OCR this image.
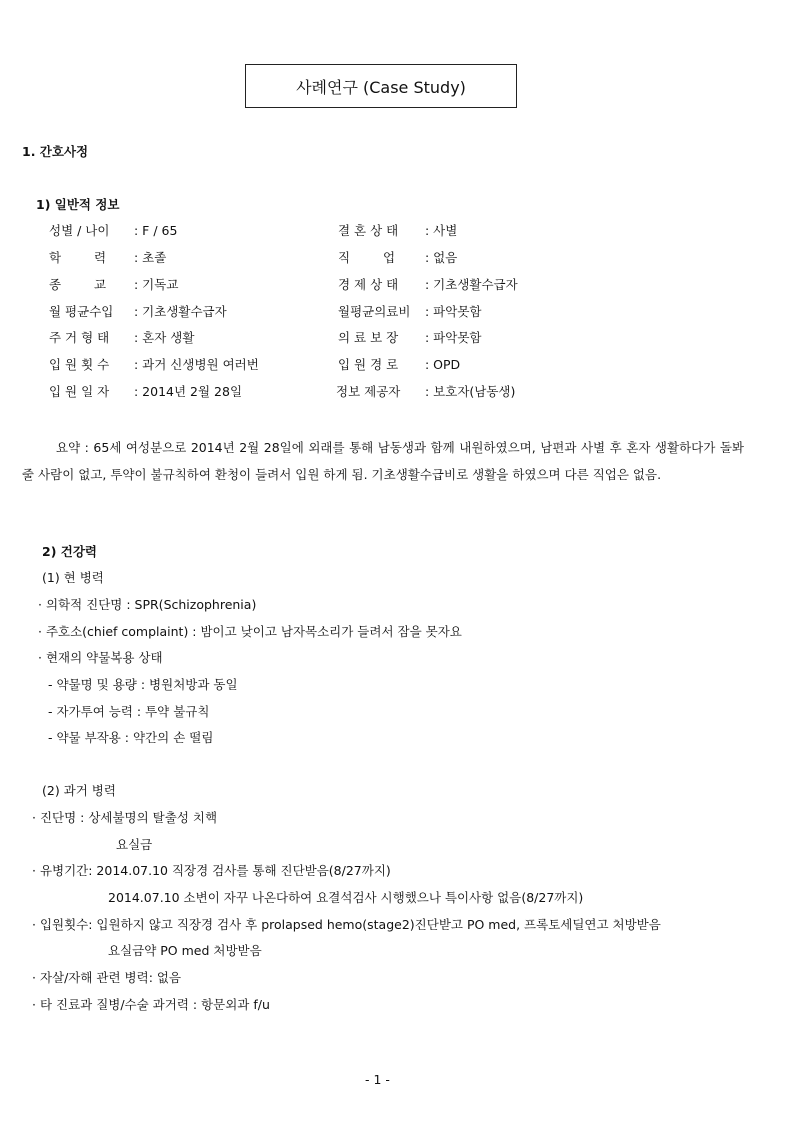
사례연구 (Case Study)
1. 간호사정
1) 일반적 정보
성별 / 나이 : F / 65	결 혼 상 태 : 사별
학 　　 력 : 초졸	직 　　 업 : 없음
종 　　 교 : 기독교	경 제 상 태 : 기초생활수급자
월 평균수입 : 기초생활수급자	월평균의료비 : 파악못함
주 거 형 태 : 혼자 생활	의 료 보 장 : 파악못함
입 원 횟 수 : 과거 신생병원 여러번	입 원 경 로 : OPD
입 원 일 자 : 2014년 2월 28일	정보 제공자 : 보호자(남동생)

요약 : 65세 여성분으로 2014년 2월 28일에 외래를 통해 남동생과 함께 내원하였으며, 남편과 사별 후 혼자 생활하다가 돌봐줄 사람이 없고, 투약이 불규칙하여 환청이 들려서 입원 하게 됨. 기초생활수급비로 생활을 하였으며 다른 직업은 없음.

2) 건강력
(1) 현 병력
· 의학적 진단명 : SPR(Schizophrenia)
· 주호소(chief complaint) : 밤이고 낮이고 남자목소리가 들려서 잠을 못자요
· 현재의 약물복용 상태
- 약물명 및 용량 : 병원처방과 동일
- 자가투여 능력 : 투약 불규칙
- 약물 부작용 : 약간의 손 떨림
(2) 과거 병력
· 진단명 : 상세불명의 탈출성 치핵
요실금
· 유병기간: 2014.07.10 직장경 검사를 통해 진단받음(8/27까지)
2014.07.10 소변이 자꾸 나온다하여 요결석검사 시행했으나 특이사항 없음(8/27까지)
· 입원횟수: 입원하지 않고 직장경 검사 후 prolapsed hemo(stage2)진단받고 PO med, 프록토세딜연고 처방받음
요실금약 PO med 처방받음
· 자살/자해 관련 병력: 없음
· 타 진료과 질병/수술 과거력 : 항문외과 f/u
- 1 -
